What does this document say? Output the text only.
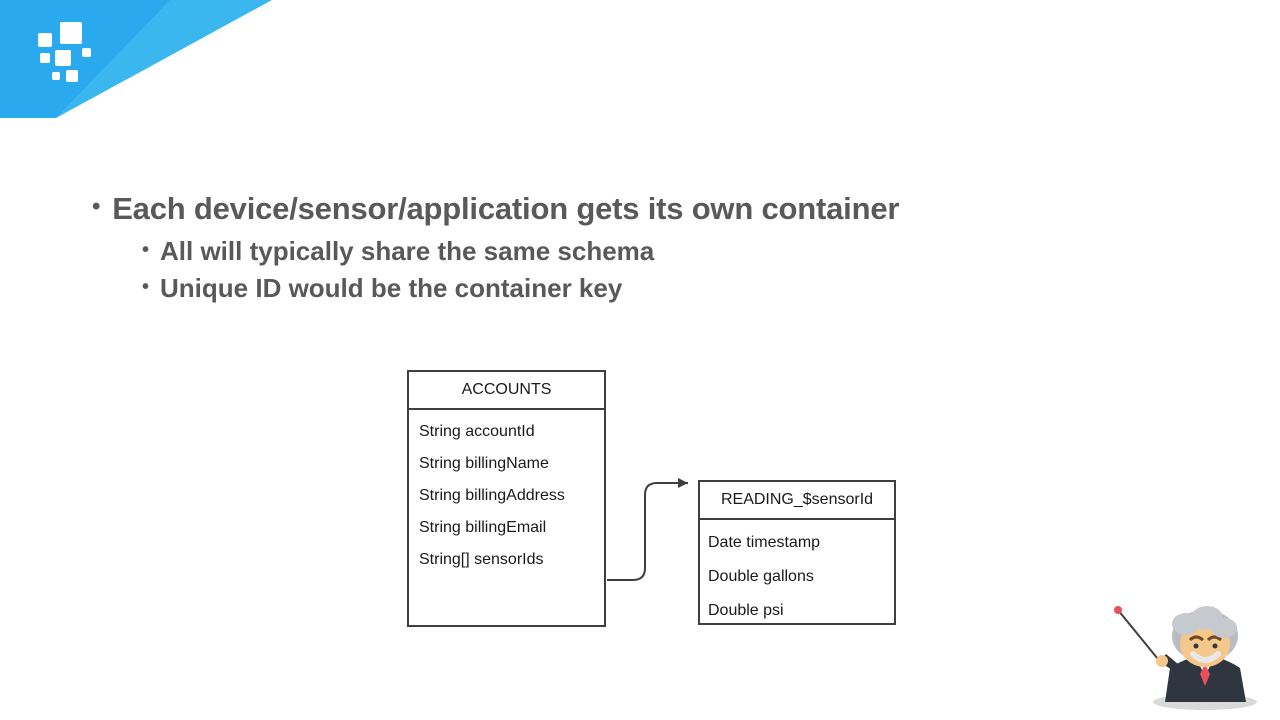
• Each device/sensor/application gets its own container
• All will typically share the same schema
• Unique ID would be the container key
ACCOUNTS
String accountId
String billingName
String billingAddress
String billingEmail
String[] sensorIds
READING_$sensorId
Date timestamp
Double gallons
Double psi
